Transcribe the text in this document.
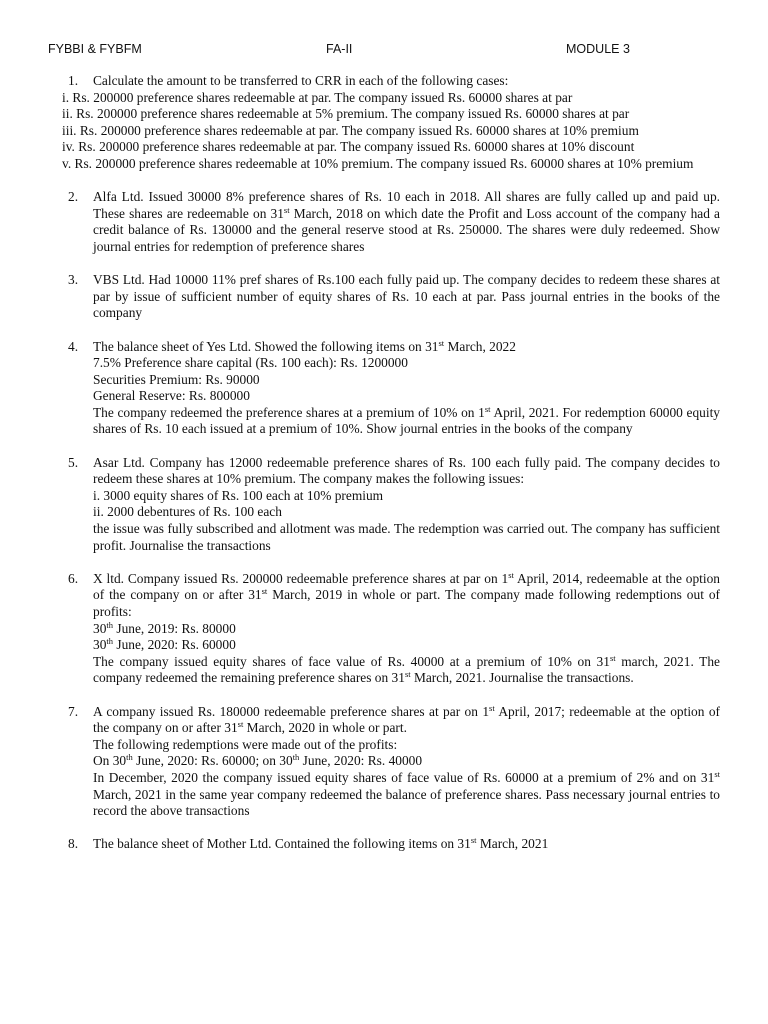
FYBBI & FYBFM	FA-II	MODULE 3
1. Calculate the amount to be transferred to CRR in each of the following cases:

i. Rs. 200000 preference shares redeemable at par. The company issued Rs. 60000 shares at par

ii. Rs. 200000 preference shares redeemable at 5% premium. The company issued Rs. 60000 shares at par

iii. Rs. 200000 preference shares redeemable at par. The company issued Rs. 60000 shares at 10% premium

iv. Rs. 200000 preference shares redeemable at par. The company issued Rs. 60000 shares at 10% discount

v. Rs. 200000 preference shares redeemable at 10% premium. The company issued Rs. 60000 shares at 10% premium

2. Alfa Ltd. Issued 30000 8% preference shares of Rs. 10 each in 2018. All shares are fully called up and paid up. These shares are redeemable on 31st March, 2018 on which date the Profit and Loss account of the company had a credit balance of Rs. 130000 and the general reserve stood at Rs. 250000. The shares were duly redeemed. Show journal entries for redemption of preference shares

3. VBS Ltd. Had 10000 11% pref shares of Rs.100 each fully paid up. The company decides to redeem these shares at par by issue of sufficient number of equity shares of Rs. 10 each at par. Pass journal entries in the books of the company

4. The balance sheet of Yes Ltd. Showed the following items on 31st March, 2022

7.5% Preference share capital (Rs. 100 each): Rs. 1200000

Securities Premium: Rs. 90000

General Reserve: Rs. 800000

The company redeemed the preference shares at a premium of 10% on 1st April, 2021. For redemption 60000 equity shares of Rs. 10 each issued at a premium of 10%. Show journal entries in the books of the company

5. Asar Ltd. Company has 12000 redeemable preference shares of Rs. 100 each fully paid. The company decides to redeem these shares at 10% premium. The company makes the following issues:

i. 3000 equity shares of Rs. 100 each at 10% premium

ii. 2000 debentures of Rs. 100 each

the issue was fully subscribed and allotment was made. The redemption was carried out. The company has sufficient profit. Journalise the transactions

6. X ltd. Company issued Rs. 200000 redeemable preference shares at par on 1st April, 2014, redeemable at the option of the company on or after 31st March, 2019 in whole or part. The company made following redemptions out of profits:

30th June, 2019: Rs. 80000

30th June, 2020: Rs. 60000

The company issued equity shares of face value of Rs. 40000 at a premium of 10% on 31st march, 2021. The company redeemed the remaining preference shares on 31st March, 2021. Journalise the transactions.

7. A company issued Rs. 180000 redeemable preference shares at par on 1st April, 2017; redeemable at the option of the company on or after 31st March, 2020 in whole or part.

The following redemptions were made out of the profits:

On 30th June, 2020: Rs. 60000; on 30th June, 2020: Rs. 40000

In December, 2020 the company issued equity shares of face value of Rs. 60000 at a premium of 2% and on 31st March, 2021 in the same year company redeemed the balance of preference shares. Pass necessary journal entries to record the above transactions

8. The balance sheet of Mother Ltd. Contained the following items on 31st March, 2021
